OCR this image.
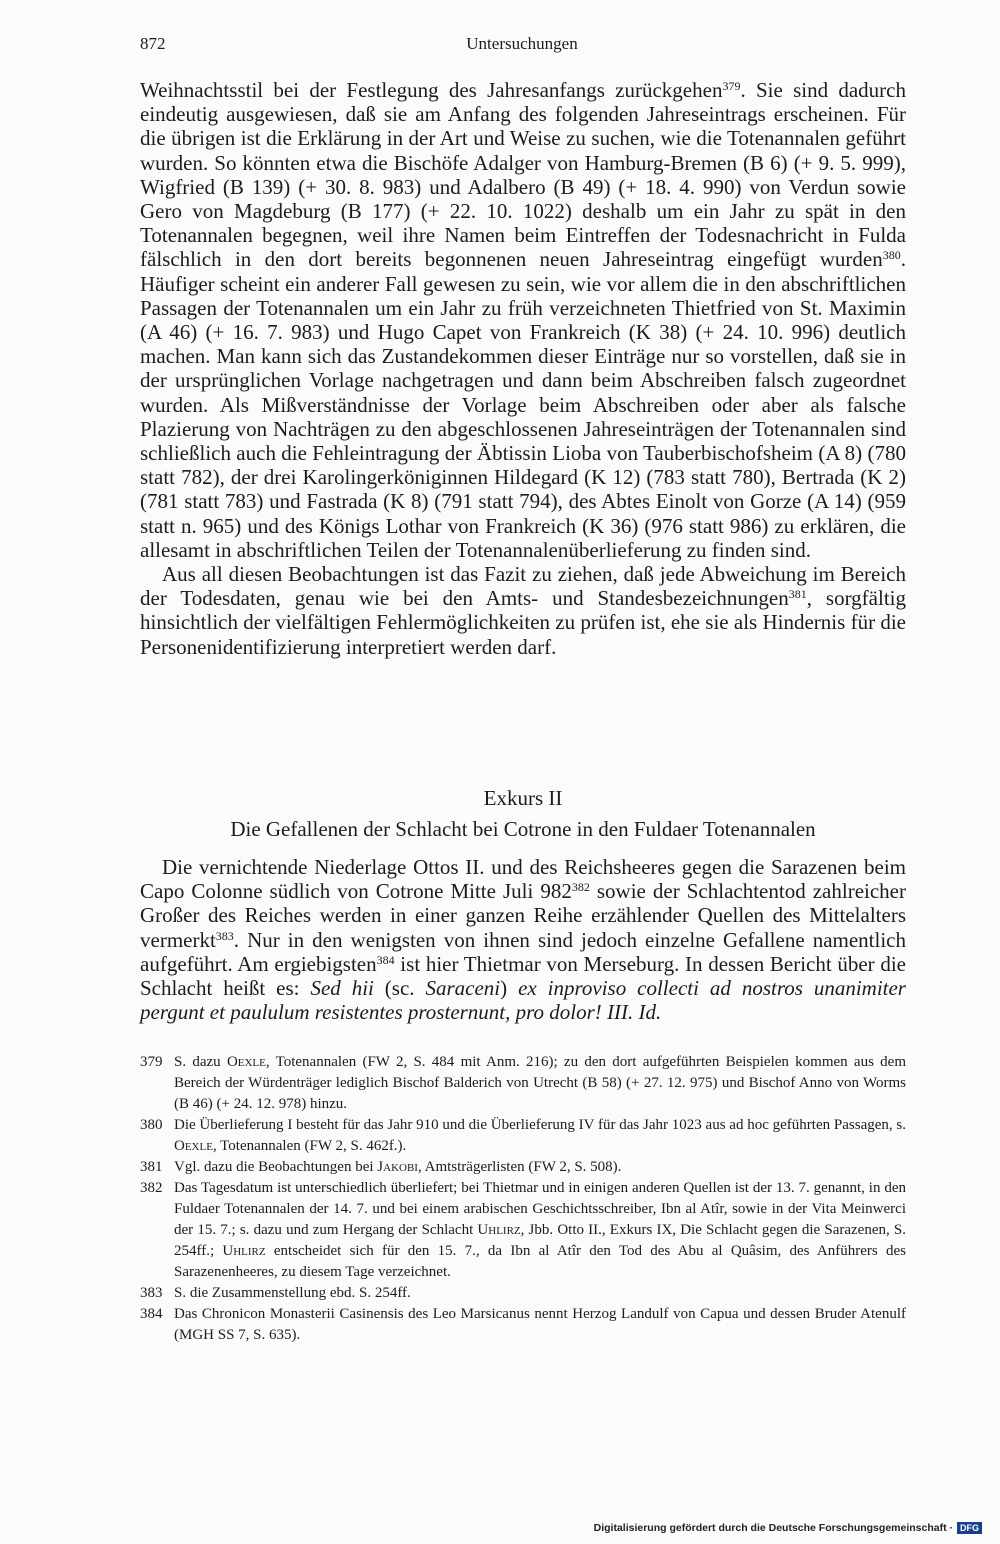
872	Untersuchungen

Weihnachtsstil bei der Festlegung des Jahresanfangs zurückgehen$^{379}$. Sie sind dadurch eindeutig ausgewiesen, daß sie am Anfang des folgenden Jahreseintrags erscheinen. Für die übrigen ist die Erklärung in der Art und Weise zu suchen, wie die Totenannalen geführt wurden. So könnten etwa die Bischöfe Adalger von Hamburg-Bremen (B 6) (+ 9. 5. 999), Wigfried (B 139) (+ 30. 8. 983) und Adalbero (B 49) (+ 18. 4. 990) von Verdun sowie Gero von Magdeburg (B 177) (+ 22. 10. 1022) deshalb um ein Jahr zu spät in den Totenannalen begegnen, weil ihre Namen beim Eintreffen der Todesnachricht in Fulda fälschlich in den dort bereits begonnenen neuen Jahreseintrag eingefügt wurden$^{380}$. Häufiger scheint ein anderer Fall gewesen zu sein, wie vor allem die in den abschriftlichen Passagen der Totenannalen um ein Jahr zu früh verzeichneten Thietfried von St. Maximin (A 46) (+ 16. 7. 983) und Hugo Capet von Frankreich (K 38) (+ 24. 10. 996) deutlich machen. Man kann sich das Zustandekommen dieser Einträge nur so vorstellen, daß sie in der ursprünglichen Vorlage nachgetragen und dann beim Abschreiben falsch zugeordnet wurden. Als Mißverständnisse der Vorlage beim Abschreiben oder aber als falsche Plazierung von Nachträgen zu den abgeschlossenen Jahreseinträgen der Totenannalen sind schließlich auch die Fehleintragung der Äbtissin Lioba von Tauberbischofsheim (A 8) (780 statt 782), der drei Karolingerköniginnen Hildegard (K 12) (783 statt 780), Bertrada (K 2) (781 statt 783) und Fastrada (K 8) (791 statt 794), des Abtes Einolt von Gorze (A 14) (959 statt n. 965) und des Königs Lothar von Frankreich (K 36) (976 statt 986) zu erklären, die allesamt in abschriftlichen Teilen der Totenannalenüberlieferung zu finden sind.

Aus all diesen Beobachtungen ist das Fazit zu ziehen, daß jede Abweichung im Bereich der Todesdaten, genau wie bei den Amts- und Standesbezeichnungen$^{381}$, sorgfältig hinsichtlich der vielfältigen Fehlermöglichkeiten zu prüfen ist, ehe sie als Hindernis für die Personenidentifizierung interpretiert werden darf.

Exkurs II
Die Gefallenen der Schlacht bei Cotrone in den Fuldaer Totenannalen

Die vernichtende Niederlage Ottos II. und des Reichsheeres gegen die Sarazenen beim Capo Colonne südlich von Cotrone Mitte Juli 982$^{382}$ sowie der Schlachtentod zahlreicher Großer des Reiches werden in einer ganzen Reihe erzählender Quellen des Mittelalters vermerkt$^{383}$. Nur in den wenigsten von ihnen sind jedoch einzelne Gefallene namentlich aufgeführt. Am ergiebigsten$^{384}$ ist hier Thietmar von Merseburg. In dessen Bericht über die Schlacht heißt es: Sed hii (sc. Saraceni) ex inproviso collecti ad nostros unanimiter pergunt et paululum resistentes prosternunt, pro dolor! III. Id.

379 S. dazu Oexle, Totenannalen (FW 2, S. 484 mit Anm. 216); zu den dort aufgeführten Beispielen kommen aus dem Bereich der Würdenträger lediglich Bischof Balderich von Utrecht (B 58) (+ 27. 12. 975) und Bischof Anno von Worms (B 46) (+ 24. 12. 978) hinzu.
380 Die Überlieferung I besteht für das Jahr 910 und die Überlieferung IV für das Jahr 1023 aus ad hoc geführten Passagen, s. Oexle, Totenannalen (FW 2, S. 462f.).
381 Vgl. dazu die Beobachtungen bei Jakobi, Amtsträgerlisten (FW 2, S. 508).
382 Das Tagesdatum ist unterschiedlich überliefert; bei Thietmar und in einigen anderen Quellen ist der 13. 7. genannt, in den Fuldaer Totenannalen der 14. 7. und bei einem arabischen Geschichtsschreiber, Ibn al Atîr, sowie in der Vita Meinwerci der 15. 7.; s. dazu und zum Hergang der Schlacht Uhlirz, Jbb. Otto II., Exkurs IX, Die Schlacht gegen die Sarazenen, S. 254ff.; Uhlirz entscheidet sich für den 15. 7., da Ibn al Atîr den Tod des Abu al Quâsim, des Anführers des Sarazenenheeres, zu diesem Tage verzeichnet.
383 S. die Zusammenstellung ebd. S. 254ff.
384 Das Chronicon Monasterii Casinensis des Leo Marsicanus nennt Herzog Landulf von Capua und dessen Bruder Atenulf (MGH SS 7, S. 635).
Digitalisierung gefördert durch die Deutsche Forschungsgemeinschaft · DFG
